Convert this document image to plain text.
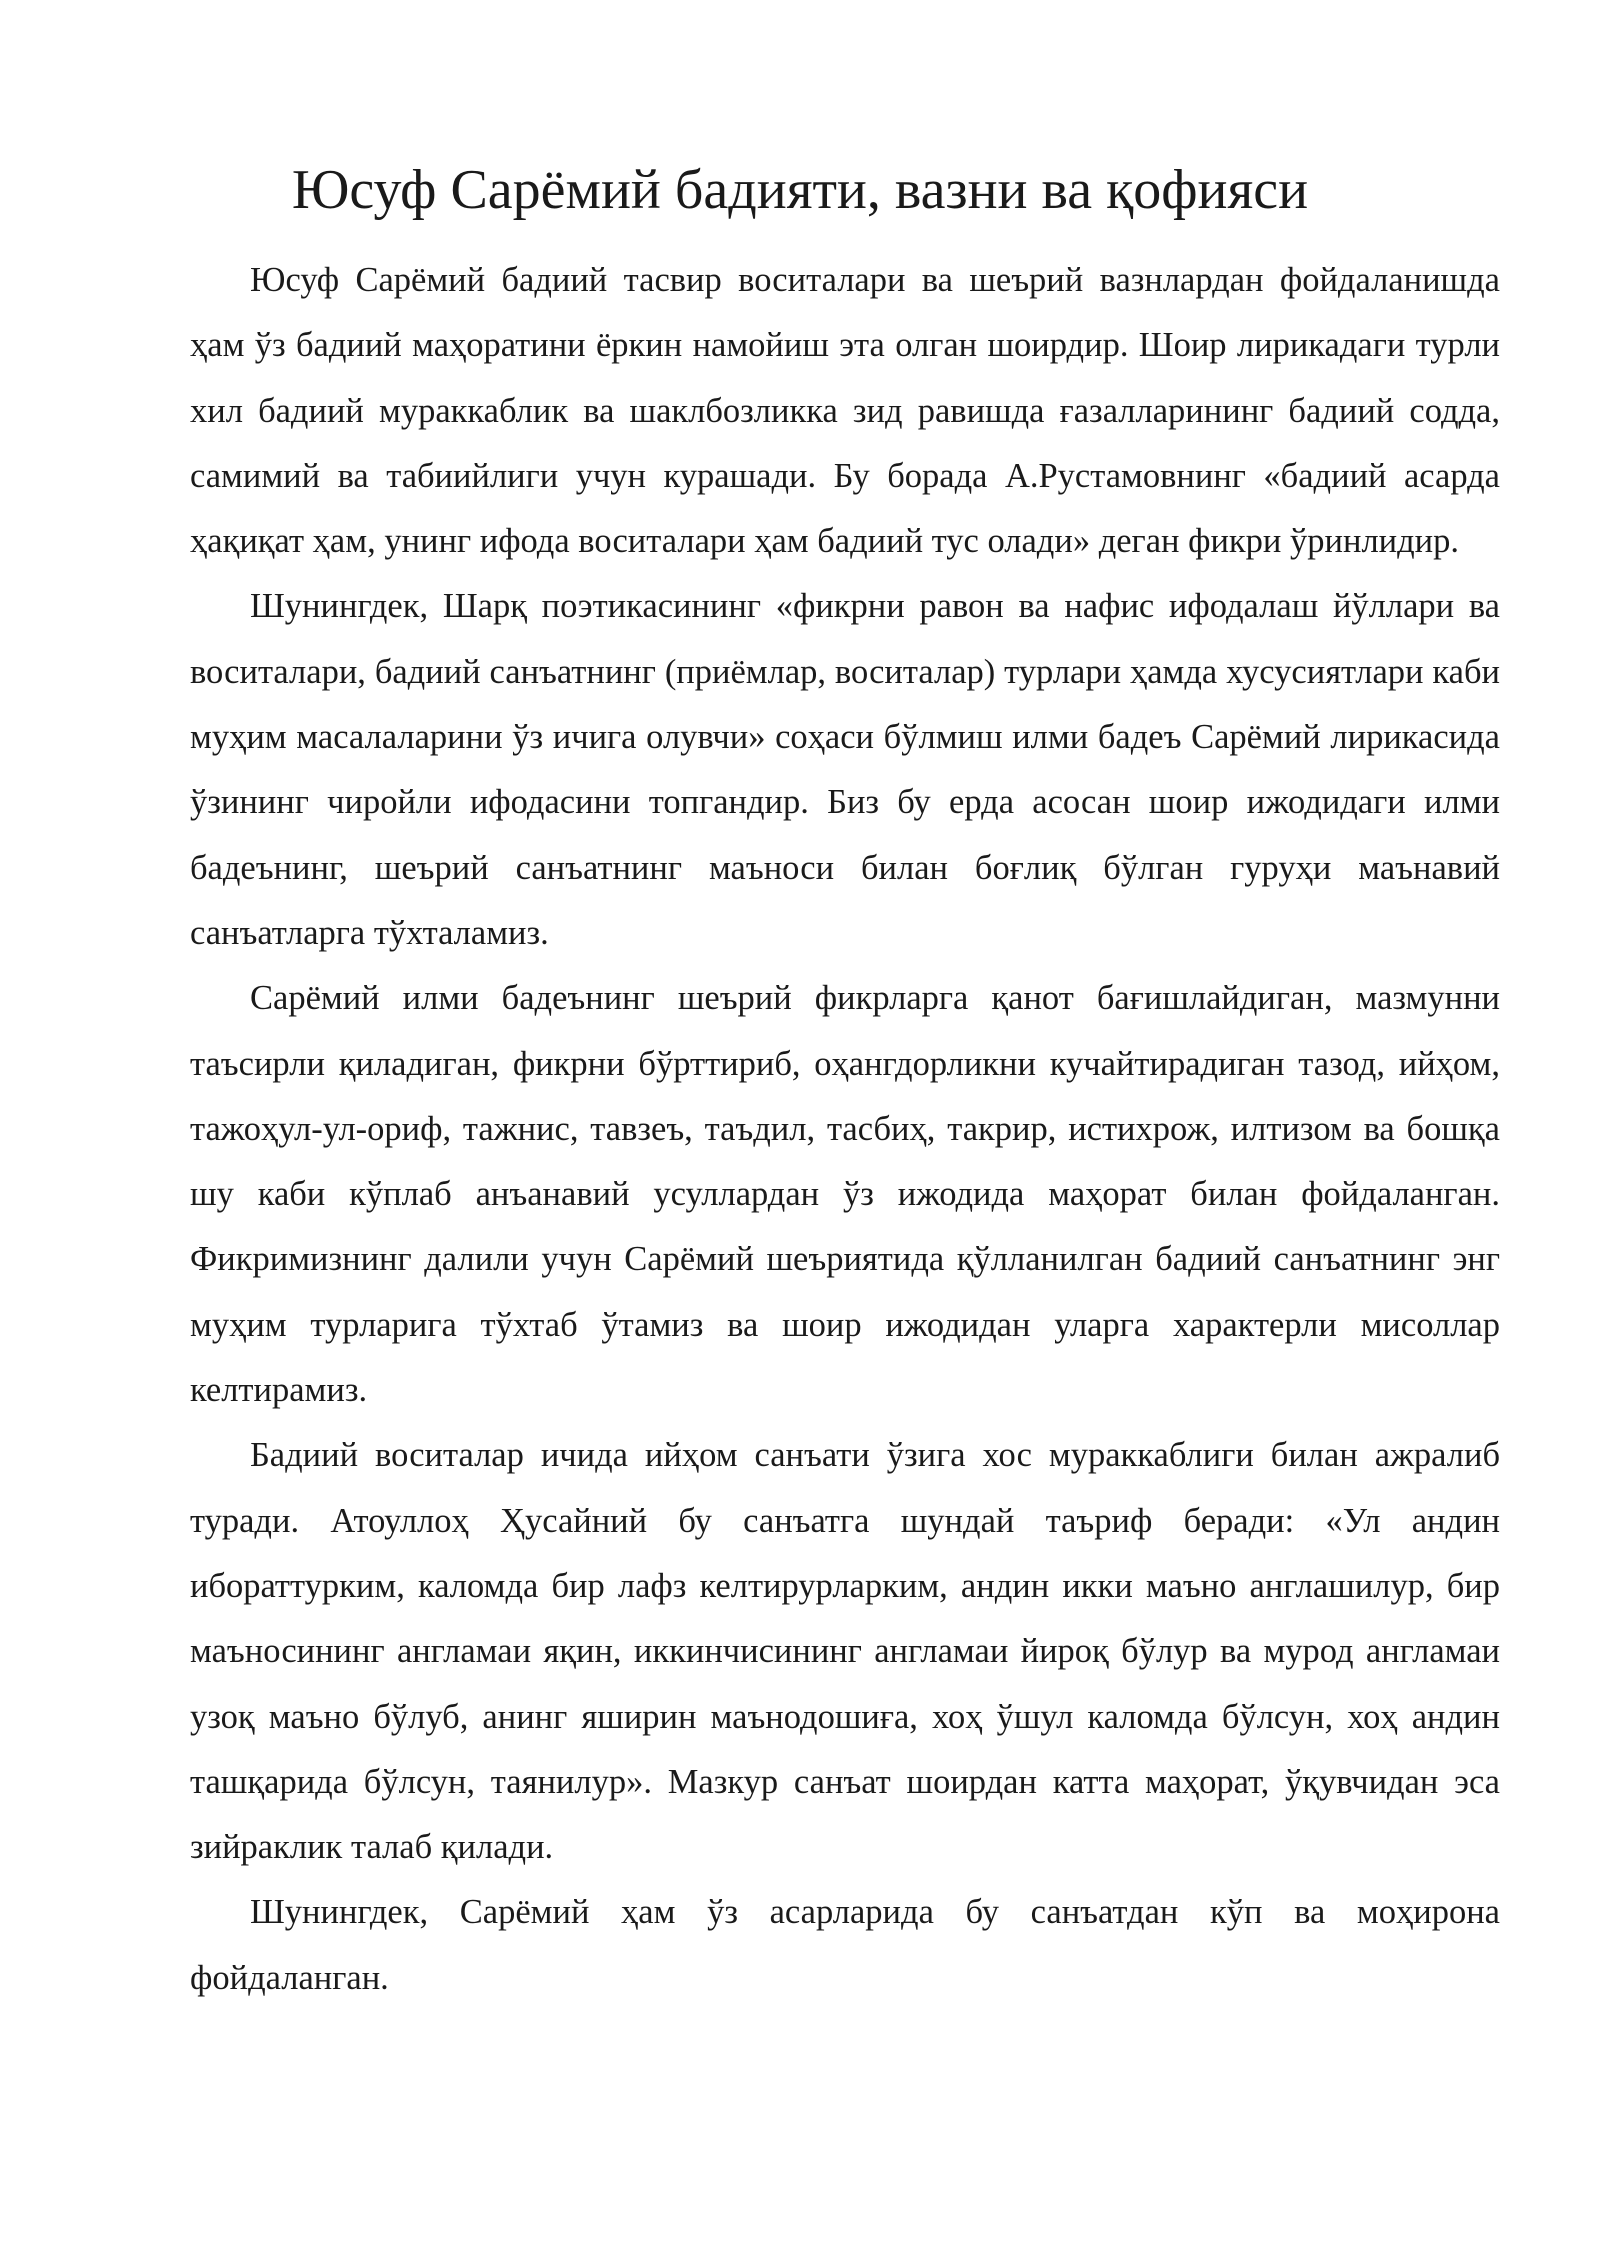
Юсуф Сарёмий бадияти, вазни ва қофияси

Юсуф Сарёмий бадиий тасвир воситалари ва шеърий вазнлардан фойдаланишда ҳам ўз бадиий маҳоратини ёркин намойиш эта олган шоирдир. Шоир лирикадаги турли хил бадиий мураккаблик ва шаклбозликка зид равишда ғазалларининг бадиий содда, самимий ва табиийлиги учун курашади. Бу борада А.Рустамовнинг «бадиий асарда ҳақиқат ҳам, унинг ифода воситалари ҳам бадиий тус олади» деган фикри ўринлидир.

Шунингдек, Шарқ поэтикасининг «фикрни равон ва нафис ифодалаш йўллари ва воситалари, бадиий санъатнинг (приёмлар, воситалар) турлари ҳамда хусусиятлари каби муҳим масалаларини ўз ичига олувчи» соҳаси бўлмиш илми бадеъ Сарёмий лирикасида ўзининг чиройли ифодасини топгандир. Биз бу ерда асосан шоир ижодидаги илми бадеънинг, шеърий санъатнинг маъноси билан боғлиқ бўлган гуруҳи маънавий санъатларга тўхталамиз.

Сарёмий илми бадеънинг шеърий фикрларга қанот бағишлайдиган, мазмунни таъсирли қиладиган, фикрни бўрттириб, оҳангдорликни кучайтирадиган тазод, ийҳом, тажоҳул-ул-ориф, тажнис, тавзеъ, таъдил, тасбиҳ, такрир, истихрож, илтизом ва бошқа шу каби кўплаб анъанавий усуллардан ўз ижодида маҳорат билан фойдаланган. Фикримизнинг далили учун Сарёмий шеъриятида қўлланилган бадиий санъатнинг энг муҳим турларига тўхтаб ўтамиз ва шоир ижодидан уларга характерли мисоллар келтирамиз.

Бадиий воситалар ичида ийҳом санъати ўзига хос мураккаблиги билан ажралиб туради. Атоуллоҳ Ҳусайний бу санъатга шундай таъриф беради: «Ул андин ибораттурким, каломда бир лафз келтирурларким, андин икки маъно англашилур, бир маъносининг англамаи яқин, иккинчисининг англамаи йироқ бўлур ва мурод англамаи узоқ маъно бўлуб, анинг яширин маънодошиға, хоҳ ўшул каломда бўлсун, хоҳ андин ташқарида бўлсун, таянилур». Мазкур санъат шоирдан катта маҳорат, ўқувчидан эса зийраклик талаб қилади.

Шунингдек, Сарёмий ҳам ўз асарларида бу санъатдан кўп ва моҳирона фойдаланган.
